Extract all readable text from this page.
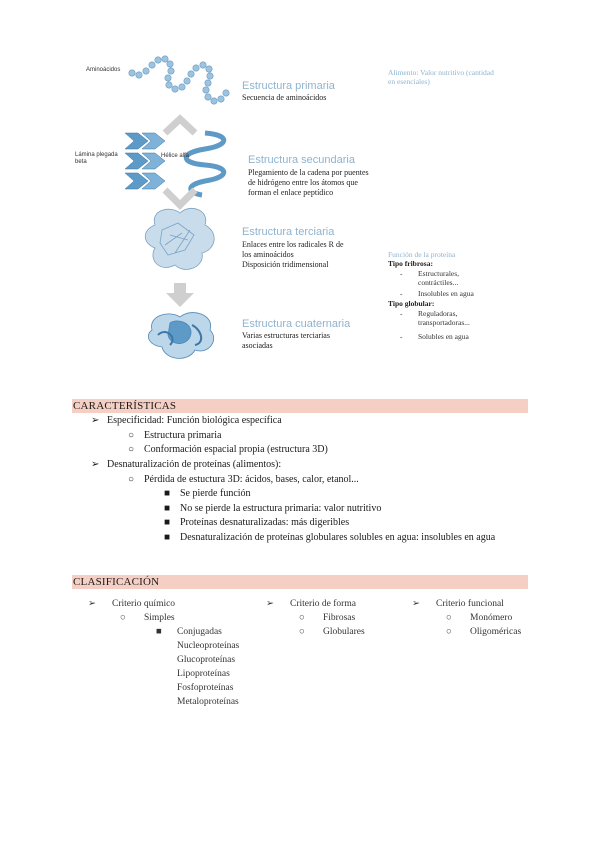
Aminoácidos
Lámina plegada beta
Hélice alfa
Estructura primaria
Secuencia de aminoácidos
Estructura secundaria
Plegamiento de la cadena por puentes
de hidrógeno entre los átomos que
forman el enlace peptídico
Estructura terciaria
Enlaces entre los radicales R de
los aminoácidos
Disposición tridimensional
Estructura cuaternaria
Varias estructuras terciarias
asociadas
Alimento: Valor nutritivo (cantidad
en esenciales)
Función de la proteína
Tipo fribrosa:
- Estructurales,
contráctiles...
- Insolubles en agua
Tipo globular:
- Reguladoras,
transportadoras...
- Solubles en agua
CARACTERÍSTICAS
➢ Especificidad: Función biológica específica
○ Estructura primaria
○ Conformación espacial propia (estructura 3D)
➢ Desnaturalización de proteínas (alimentos):
○ Pérdida de estuctura 3D: ácidos, bases, calor, etanol...
■ Se pierde función
■ No se pierde la estructura primaria: valor nutritivo
■ Proteínas desnaturalizadas: más digeribles
■ Desnaturalización de proteínas globulares solubles en agua: insolubles en agua
CLASIFICACIÓN
➢ Criterio químico
○ Simples
■ Conjugadas
Nucleoproteínas
Glucoproteínas
Lipoproteínas
Fosfoproteínas
Metaloproteínas
➢ Criterio de forma
○ Fibrosas
○ Globulares
➢ Criterio funcional
○ Monómero
○ Oligoméricas
